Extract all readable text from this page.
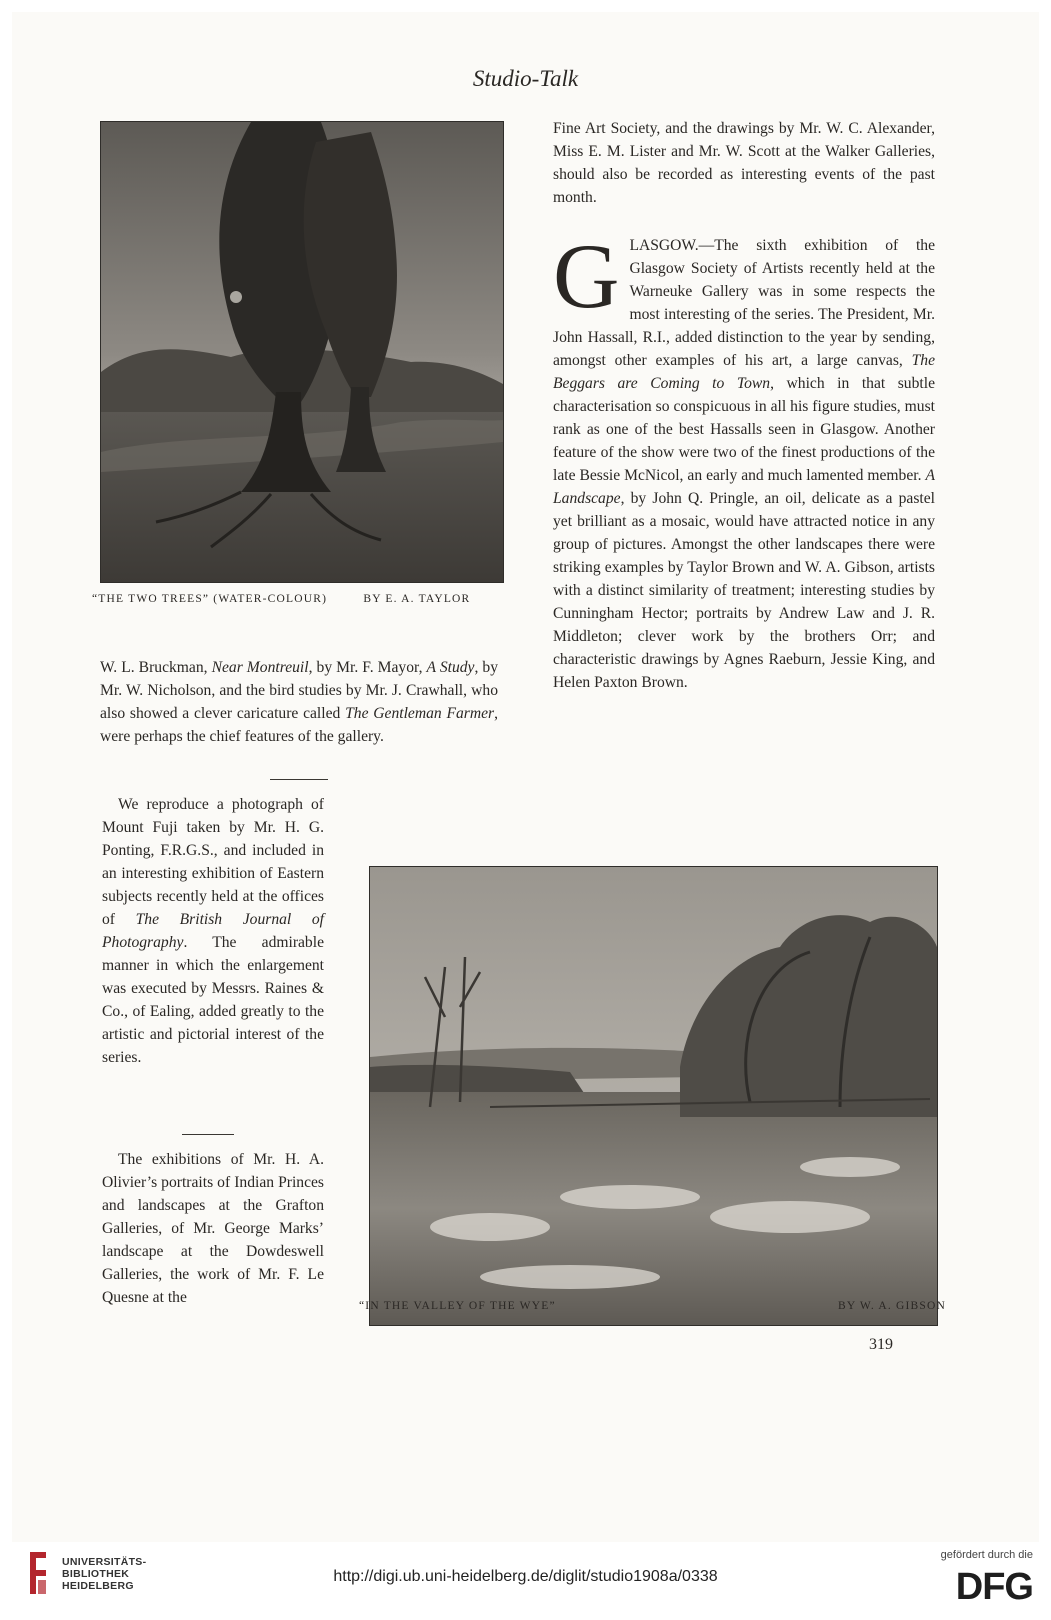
Studio-Talk
“THE TWO TREES” (WATER-COLOUR)	BY E. A. TAYLOR

W. L. Bruckman, Near Montreuil, by Mr. F. Mayor, A Study, by Mr. W. Nicholson, and the bird studies by Mr. J. Crawhall, who also showed a clever caricature called The Gentleman Farmer, were perhaps the chief features of the gallery.

We reproduce a photograph of Mount Fuji taken by Mr. H. G. Ponting, F.R.G.S., and included in an interesting exhibition of Eastern subjects recently held at the offices of The British Journal of Photography. The admirable manner in which the enlargement was executed by Messrs. Raines & Co., of Ealing, added greatly to the artistic and pictorial interest of the series.

The exhibitions of Mr. H. A. Olivier’s portraits of Indian Princes and landscapes at the Grafton Galleries, of Mr. George Marks’ landscape at the Dowdeswell Galleries, the work of Mr. F. Le Quesne at the

Fine Art Society, and the drawings by Mr. W. C. Alexander, Miss E. M. Lister and Mr. W. Scott at the Walker Galleries, should also be recorded as interesting events of the past month.

GLASGOW.—The sixth exhibition of the Glasgow Society of Artists recently held at the Warneuke Gallery was in some respects the most interesting of the series. The President, Mr. John Hassall, R.I., added distinction to the year by sending, amongst other examples of his art, a large canvas, The Beggars are Coming to Town, which in that subtle characterisation so conspicuous in all his figure studies, must rank as one of the best Hassalls seen in Glasgow. Another feature of the show were two of the finest productions of the late Bessie McNicol, an early and much lamented member. A Landscape, by John Q. Pringle, an oil, delicate as a pastel yet brilliant as a mosaic, would have attracted notice in any group of pictures. Amongst the other landscapes there were striking examples by Taylor Brown and W. A. Gibson, artists with a distinct similarity of treatment; interesting studies by Cunningham Hector; portraits by Andrew Law and J. R. Middleton; clever work by the brothers Orr; and characteristic drawings by Agnes Raeburn, Jessie King, and Helen Paxton Brown.

“IN THE VALLEY OF THE WYE”	BY W. A. GIBSON
319
UNIVERSITÄTS-
BIBLIOTHEK
HEIDELBERG
http://digi.ub.uni-heidelberg.de/diglit/studio1908a/0338
gefördert durch die
DFG
